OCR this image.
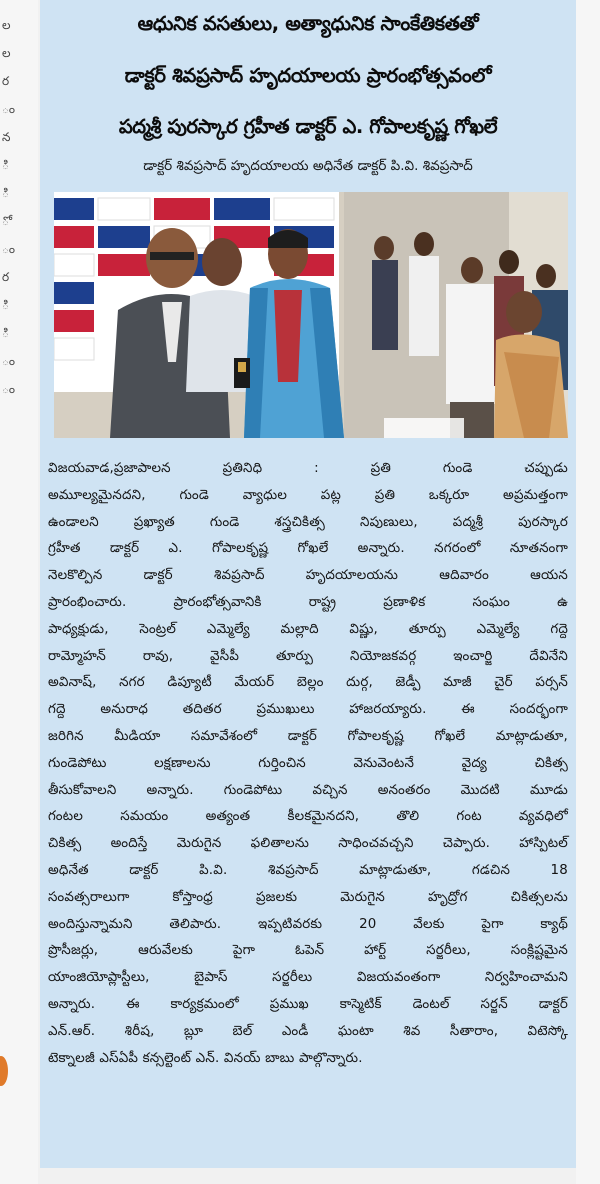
ల
ల
ర
ం
న
ి
ి
ో
ం
ర
ి
ి
ం
ం
ఆధునిక వసతులు, అత్యాధునిక సాంకేతికతతో
డాక్టర్ శివప్రసాద్ హృదయాలయ ప్రారంభోత్సవంలో
పద్మశ్రీ పురస్కార గ్రహీత డాక్టర్ ఎ. గోపాలకృష్ణ గోఖలే
డాక్టర్ శివప్రసాద్ హృదయాలయ అధినేత డాక్టర్ పి.వి. శివప్రసాద్
విజయవాడ,ప్రజాపాలన ప్రతినిధి : ప్రతి గుండె చప్పుడు
అమూల్యమైనదని, గుండె వ్యాధుల పట్ల ప్రతి ఒక్కరూ అప్రమత్తంగా
ఉండాలని ప్రఖ్యాత గుండె శస్త్రచికిత్స నిపుణులు, పద్మశ్రీ పురస్కార
గ్రహీత డాక్టర్ ఎ. గోపాలకృష్ణ గోఖలే అన్నారు. నగరంలో నూతనంగా
నెలకొల్పిన డాక్టర్ శివప్రసాద్ హృదయాలయను ఆదివారం ఆయన
ప్రారంభించారు. ప్రారంభోత్సవానికి రాష్ట్ర ప్రణాళిక సంఘం ఉ
పాధ్యక్షుడు, సెంట్రల్ ఎమ్మెల్యే మల్లాది విష్ణు, తూర్పు ఎమ్మెల్యే గద్దె
రామ్మోహన్ రావు, వైసీపీ తూర్పు నియోజకవర్గ ఇంచార్జి దేవినేని
అవినాష్, నగర డిప్యూటీ మేయర్ బెల్లం దుర్గ, జెడ్పీ మాజీ చైర్ పర్సన్
గద్దె అనురాధ తదితర ప్రముఖులు హాజరయ్యారు. ఈ సందర్భంగా
జరిగిన మీడియా సమావేశంలో డాక్టర్ గోపాలకృష్ణ గోఖలే మాట్లాడుతూ,
గుండెపోటు లక్షణాలను గుర్తించిన వెనువెంటనే వైద్య చికిత్స
తీసుకోవాలని అన్నారు. గుండెపోటు వచ్చిన అనంతరం మొదటి మూడు
గంటల సమయం అత్యంత కీలకమైనదని, తొలి గంట వ్యవధిలో
చికిత్స అందిస్తే మెరుగైన ఫలితాలను సాధించవచ్చని చెప్పారు. హాస్పిటల్
అధినేత డాక్టర్ పి.వి. శివప్రసాద్ మాట్లాడుతూ, గడచిన 18
సంవత్సరాలుగా కోస్తాంధ్ర ప్రజలకు మెరుగైన హృద్రోగ చికిత్సలను
అందిస్తున్నామని తెలిపారు. ఇప్పటివరకు 20 వేలకు పైగా క్యాథ్
ప్రొసీజర్లు, ఆరువేలకు పైగా ఓపెన్ హార్ట్ సర్జరీలు, సంక్లిష్టమైన
యాంజియోప్లాస్టీలు, బైపాస్ సర్జరీలు విజయవంతంగా నిర్వహించామని
అన్నారు. ఈ కార్యక్రమంలో ప్రముఖ కాస్మెటిక్ డెంటల్ సర్జన్ డాక్టర్
ఎన్.ఆర్. శిరీష, బ్లూ బెల్ ఎండీ ఘంటా శివ సీతారాం, విటెస్కో
టెక్నాలజీ ఎస్ఏపీ కన్సల్టెంట్ ఎన్. వినయ్ బాబు పాల్గొన్నారు.
